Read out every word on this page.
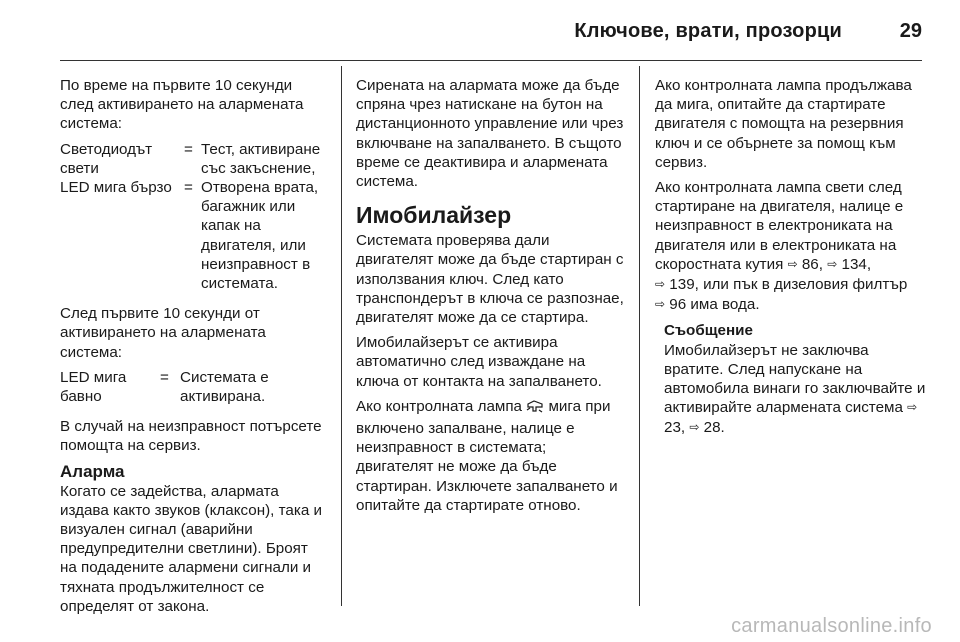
Ключове, врати, прозорци	29

По време на първите 10 секунди след активирането на алармената система:

Светодиодът свети
= Тест, активиране със закъснение,
LED мига бързо = Отворена врата, багажник или капак на двигателя, или неизправност в системата.

След първите 10 секунди от активирането на алармената система:

LED мига бавно
= Системата е активирана.

В случай на неизправност потърсете помощта на сервиз.

Аларма

Когато се задейства, алармата издава както звуков (клаксон), така и визуален сигнал (аварийни предупредителни светлини). Броят на подадените алармени сигнали и тяхната продължителност се определят от закона.

Сирената на алармата може да бъде спряна чрез натискане на бутон на дистанционното управление или чрез включване на запалването. В същото време се деактивира и алармената система.

Имобилайзер

Системата проверява дали двигателят може да бъде стартиран с използвания ключ. След като транспондерът в ключа се разпознае, двигателят може да се стартира.

Имобилайзерът се активира автоматично след изваждане на ключа от контакта на запалването.

Ако контролната лампа мига при включено запалване, налице е неизправност в системата; двигателят не може да бъде стартиран. Изключете запалването и опитайте да стартирате отново.

Ако контролната лампа продължава да мига, опитайте да стартирате двигателя с помощта на резервния ключ и се обърнете за помощ към сервиз.

Ако контролната лампа свети след стартиране на двигателя, налице е неизправност в електрониката на двигателя или в електрониката на скоростната кутия ⇨ 86, ⇨ 134,
⇨ 139, или пък в дизеловия филтър
⇨ 96 има вода.

Съобщение
Имобилайзерът не заключва вратите. След напускане на автомобила винаги го заключвайте и активирайте алармената система ⇨ 23, ⇨ 28.
carmanualsonline.info
